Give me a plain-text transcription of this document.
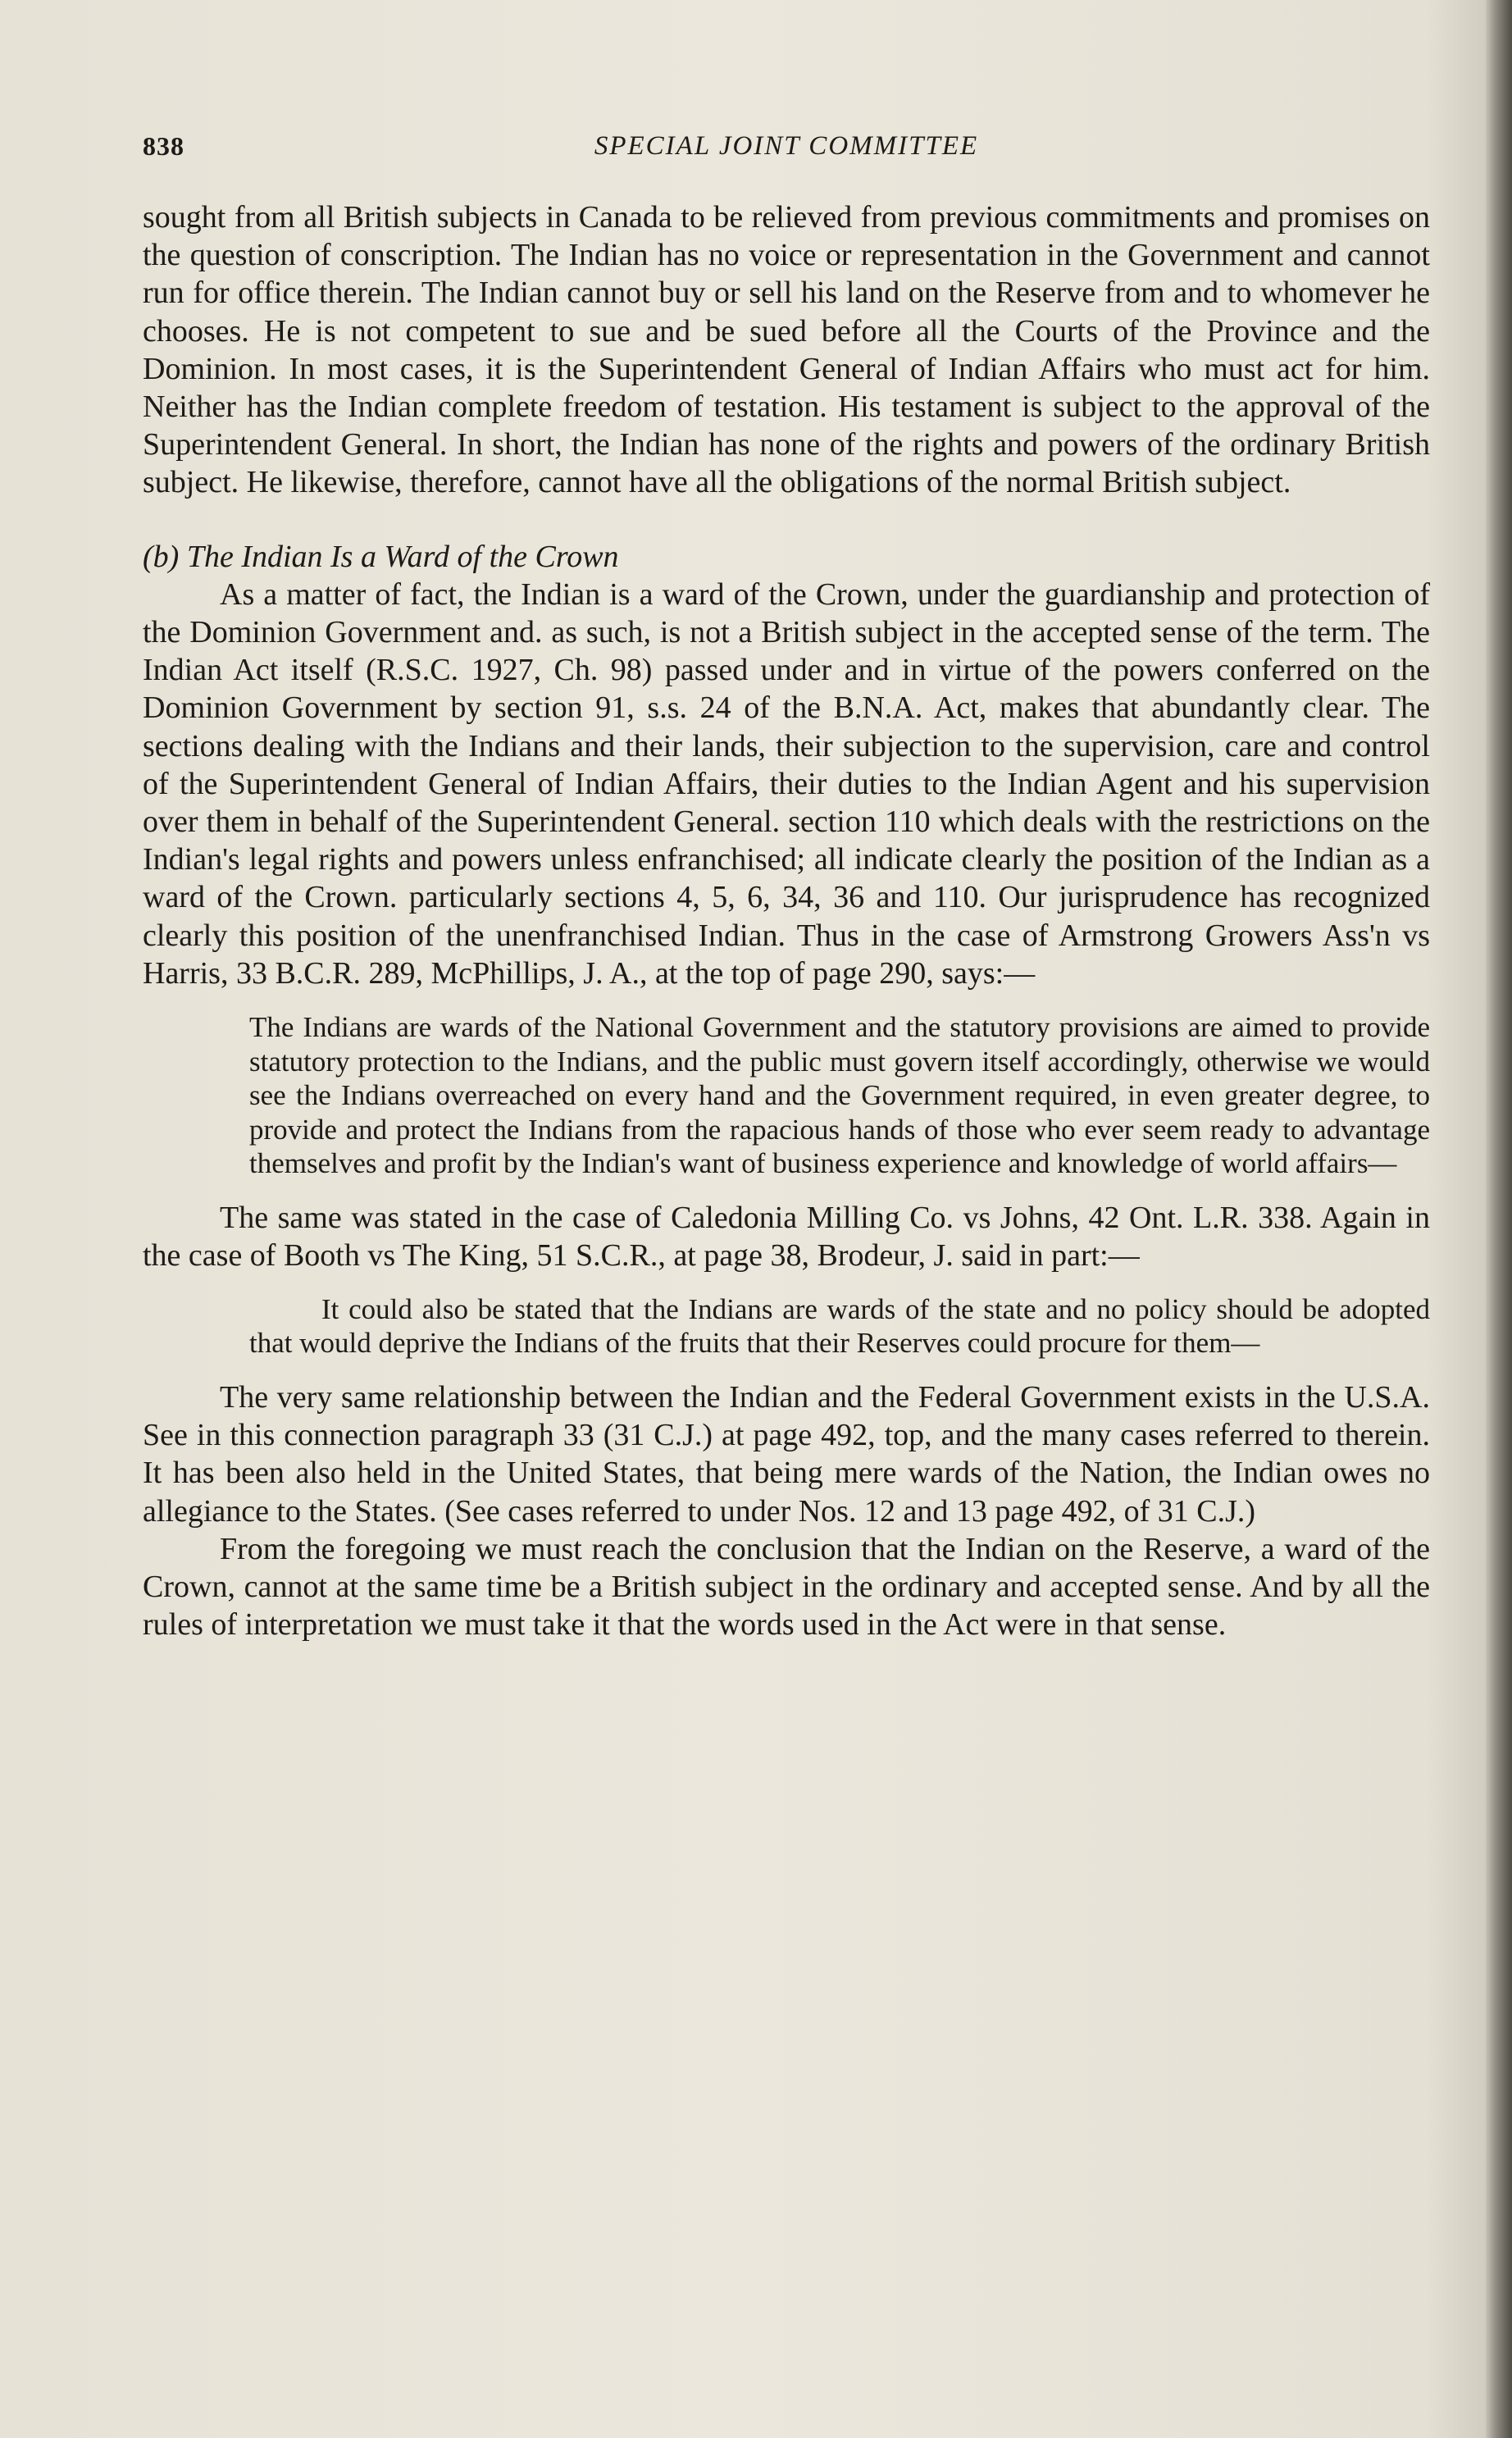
838	SPECIAL JOINT COMMITTEE

sought from all British subjects in Canada to be relieved from previous commitments and promises on the question of conscription. The Indian has no voice or representation in the Government and cannot run for office therein. The Indian cannot buy or sell his land on the Reserve from and to whomever he chooses. He is not competent to sue and be sued before all the Courts of the Province and the Dominion. In most cases, it is the Superintendent General of Indian Affairs who must act for him. Neither has the Indian complete freedom of testation. His testament is subject to the approval of the Superintendent General. In short, the Indian has none of the rights and powers of the ordinary British subject. He likewise, therefore, cannot have all the obligations of the normal British subject.

(b) The Indian Is a Ward of the Crown

As a matter of fact, the Indian is a ward of the Crown, under the guardianship and protection of the Dominion Government and. as such, is not a British subject in the accepted sense of the term. The Indian Act itself (R.S.C. 1927, Ch. 98) passed under and in virtue of the powers conferred on the Dominion Government by section 91, s.s. 24 of the B.N.A. Act, makes that abundantly clear. The sections dealing with the Indians and their lands, their subjection to the supervision, care and control of the Superintendent General of Indian Affairs, their duties to the Indian Agent and his supervision over them in behalf of the Superintendent General. section 110 which deals with the restrictions on the Indian's legal rights and powers unless enfranchised; all indicate clearly the position of the Indian as a ward of the Crown. particularly sections 4, 5, 6, 34, 36 and 110. Our jurisprudence has recognized clearly this position of the unenfranchised Indian. Thus in the case of Armstrong Growers Ass'n vs Harris, 33 B.C.R. 289, McPhillips, J. A., at the top of page 290, says:—

The Indians are wards of the National Government and the statutory provisions are aimed to provide statutory protection to the Indians, and the public must govern itself accordingly, otherwise we would see the Indians overreached on every hand and the Government required, in even greater degree, to provide and protect the Indians from the rapacious hands of those who ever seem ready to advantage themselves and profit by the Indian's want of business experience and knowledge of world affairs—

The same was stated in the case of Caledonia Milling Co. vs Johns, 42 Ont. L.R. 338. Again in the case of Booth vs The King, 51 S.C.R., at page 38, Brodeur, J. said in part:—

It could also be stated that the Indians are wards of the state and no policy should be adopted that would deprive the Indians of the fruits that their Reserves could procure for them—

The very same relationship between the Indian and the Federal Government exists in the U.S.A. See in this connection paragraph 33 (31 C.J.) at page 492, top, and the many cases referred to therein. It has been also held in the United States, that being mere wards of the Nation, the Indian owes no allegiance to the States. (See cases referred to under Nos. 12 and 13 page 492, of 31 C.J.)

From the foregoing we must reach the conclusion that the Indian on the Reserve, a ward of the Crown, cannot at the same time be a British subject in the ordinary and accepted sense. And by all the rules of interpretation we must take it that the words used in the Act were in that sense.
